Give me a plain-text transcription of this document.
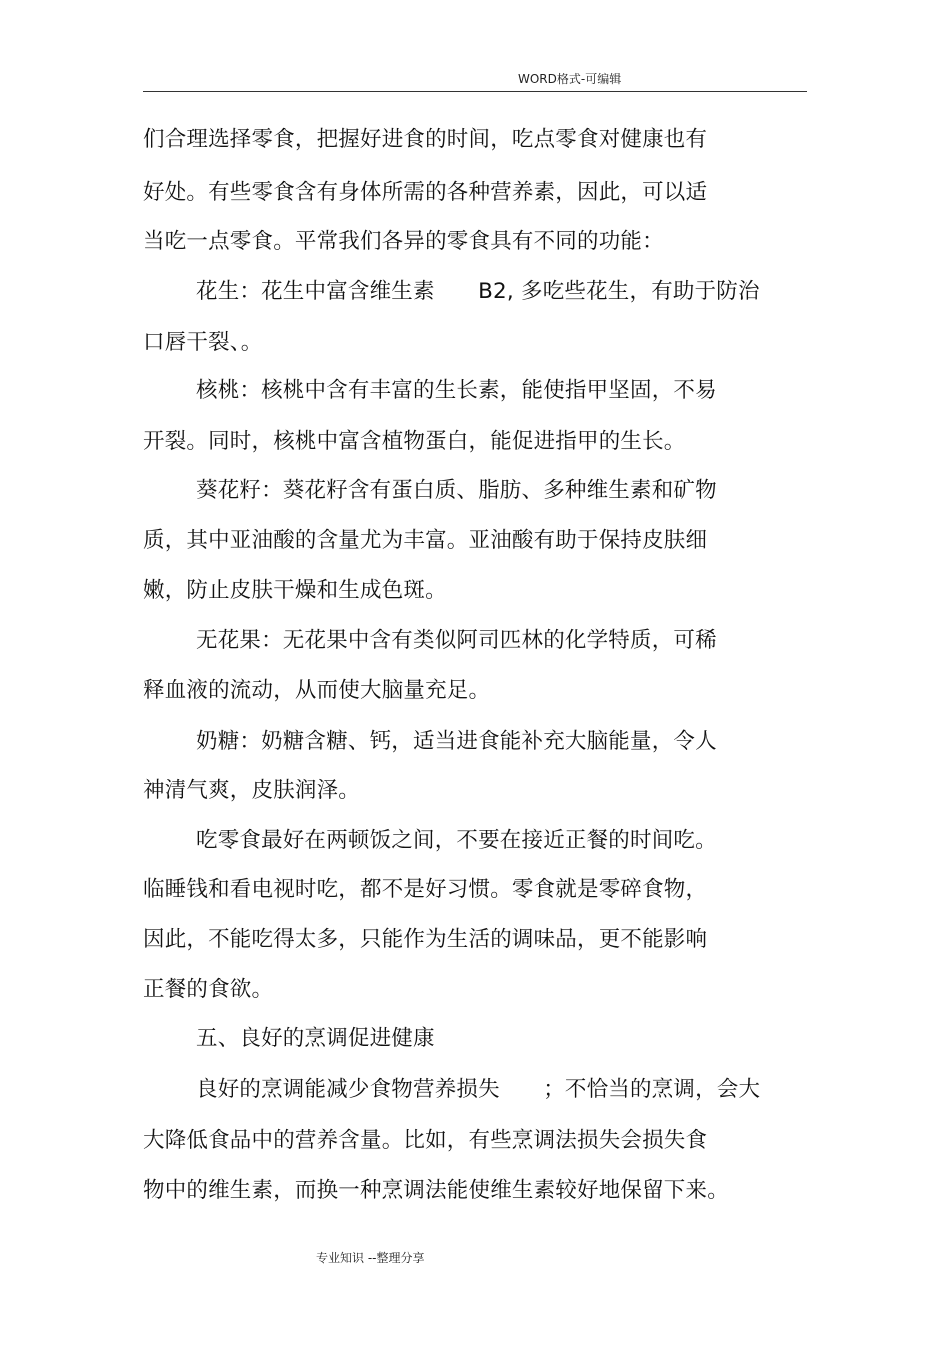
WORD格式-可编辑
们合理选择零食，把握好进食的时间，吃点零食对健康也有
好处。有些零食含有身体所需的各种营养素，因此，可以适
当吃一点零食。平常我们各异的零食具有不同的功能：
花生：花生中富含维生素　　B2, 多吃些花生，有助于防治
口唇干裂、。
核桃：核桃中含有丰富的生长素，能使指甲坚固，不易
开裂。同时，核桃中富含植物蛋白，能促进指甲的生长。
葵花籽：葵花籽含有蛋白质、脂肪、多种维生素和矿物
质，其中亚油酸的含量尤为丰富。亚油酸有助于保持皮肤细
嫩，防止皮肤干燥和生成色斑。
无花果：无花果中含有类似阿司匹林的化学特质，可稀
释血液的流动，从而使大脑量充足。
奶糖：奶糖含糖、钙，适当进食能补充大脑能量，令人
神清气爽，皮肤润泽。
吃零食最好在两顿饭之间，不要在接近正餐的时间吃。
临睡钱和看电视时吃，都不是好习惯。零食就是零碎食物，
因此，不能吃得太多，只能作为生活的调味品，更不能影响
正餐的食欲。
五、良好的烹调促进健康
良好的烹调能减少食物营养损失　　；不恰当的烹调，会大
大降低食品中的营养含量。比如，有些烹调法损失会损失食
物中的维生素，而换一种烹调法能使维生素较好地保留下来。
专业知识 --整理分享
